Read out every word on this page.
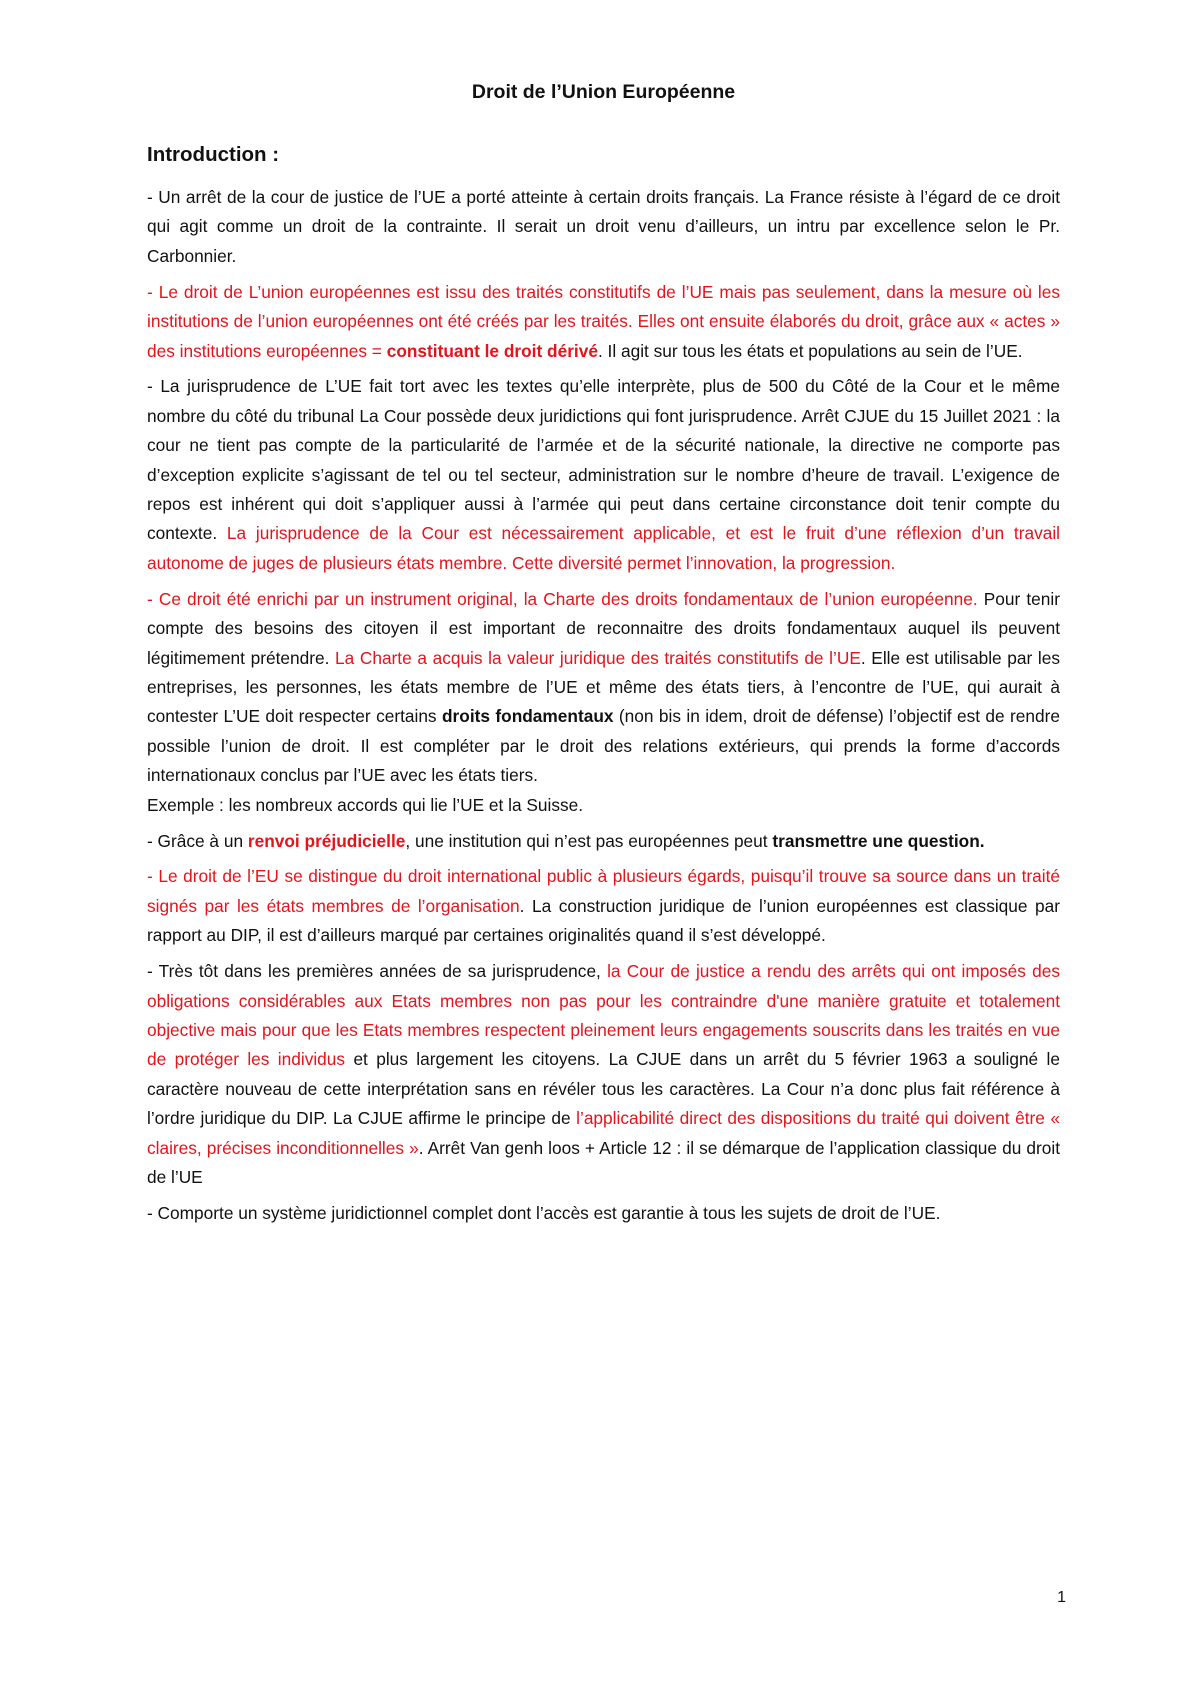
Droit de l’Union Européenne
Introduction :

- Un arrêt de la cour de justice de l’UE a porté atteinte à certain droits français. La France résiste à l’égard de ce droit qui agit comme un droit de la contrainte. Il serait un droit venu d’ailleurs, un intru par excellence selon le Pr. Carbonnier.

- Le droit de L’union européennes est issu des traités constitutifs de l’UE mais pas seulement, dans la mesure où les institutions de l’union européennes ont été créés par les traités. Elles ont ensuite élaborés du droit, grâce aux « actes » des institutions européennes = constituant le droit dérivé. Il agit sur tous les états et populations au sein de l’UE.

- La jurisprudence de L’UE fait tort avec les textes qu’elle interprète, plus de 500 du Côté de la Cour et le même nombre du côté du tribunal La Cour possède deux juridictions qui font jurisprudence. Arrêt CJUE du 15 Juillet 2021 : la cour ne tient pas compte de la particularité de l’armée et de la sécurité nationale, la directive ne comporte pas d’exception explicite s’agissant de tel ou tel secteur, administration sur le nombre d’heure de travail. L’exigence de repos est inhérent qui doit s’appliquer aussi à l’armée qui peut dans certaine circonstance doit tenir compte du contexte. La jurisprudence de la Cour est nécessairement applicable, et est le fruit d’une réflexion d’un travail autonome de juges de plusieurs états membre. Cette diversité permet l’innovation, la progression.

- Ce droit été enrichi par un instrument original, la Charte des droits fondamentaux de l’union européenne. Pour tenir compte des besoins des citoyen il est important de reconnaitre des droits fondamentaux auquel ils peuvent légitimement prétendre. La Charte a acquis la valeur juridique des traités constitutifs de l’UE. Elle est utilisable par les entreprises, les personnes, les états membre de l’UE et même des états tiers, à l’encontre de l’UE, qui aurait à contester L’UE doit respecter certains droits fondamentaux (non bis in idem, droit de défense) l’objectif est de rendre possible l’union de droit. Il est compléter par le droit des relations extérieurs, qui prends la forme d’accords internationaux conclus par l’UE avec les états tiers.
Exemple : les nombreux accords qui lie l’UE et la Suisse.

- Grâce à un renvoi préjudicielle, une institution qui n’est pas européennes peut transmettre une question.

- Le droit de l’EU se distingue du droit international public à plusieurs égards, puisqu’il trouve sa source dans un traité signés par les états membres de l’organisation. La construction juridique de l’union européennes est classique par rapport au DIP, il est d’ailleurs marqué par certaines originalités quand il s’est développé.

- Très tôt dans les premières années de sa jurisprudence, la Cour de justice a rendu des arrêts qui ont imposés des obligations considérables aux Etats membres non pas pour les contraindre d'une manière gratuite et totalement objective mais pour que les Etats membres respectent pleinement leurs engagements souscrits dans les traités en vue de protéger les individus et plus largement les citoyens. La CJUE dans un arrêt du 5 février 1963 a souligné le caractère nouveau de cette interprétation sans en révéler tous les caractères. La Cour n’a donc plus fait référence à l’ordre juridique du DIP. La CJUE affirme le principe de l’applicabilité direct des dispositions du traité qui doivent être « claires, précises inconditionnelles ». Arrêt Van genh loos + Article 12 : il se démarque de l’application classique du droit de l’UE

- Comporte un système juridictionnel complet dont l’accès est garantie à tous les sujets de droit de l’UE.

1
